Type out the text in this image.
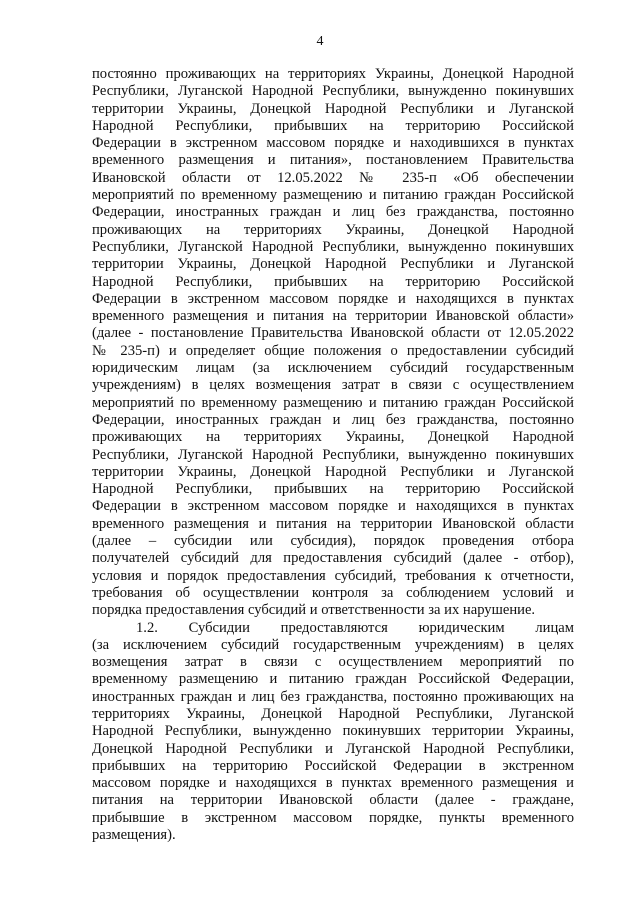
4
постоянно проживающих на территориях Украины, Донецкой Народной
Республики, Луганской Народной Республики, вынужденно покинувших
территории Украины, Донецкой Народной Республики и Луганской
Народной Республики, прибывших на территорию Российской
Федерации в экстренном массовом порядке и находившихся в пунктах
временного размещения и питания», постановлением Правительства
Ивановской области от 12.05.2022 № 235-п «Об обеспечении
мероприятий по временному размещению и питанию граждан Российской
Федерации, иностранных граждан и лиц без гражданства, постоянно
проживающих на территориях Украины, Донецкой Народной
Республики, Луганской Народной Республики, вынужденно покинувших
территории Украины, Донецкой Народной Республики и Луганской
Народной Республики, прибывших на территорию Российской
Федерации в экстренном массовом порядке и находящихся в пунктах
временного размещения и питания на территории Ивановской области»
(далее - постановление Правительства Ивановской области от 12.05.2022
№ 235-п) и определяет общие положения о предоставлении субсидий
юридическим лицам (за исключением субсидий государственным
учреждениям) в целях возмещения затрат в связи с осуществлением
мероприятий по временному размещению и питанию граждан Российской
Федерации, иностранных граждан и лиц без гражданства, постоянно
проживающих на территориях Украины, Донецкой Народной
Республики, Луганской Народной Республики, вынужденно покинувших
территории Украины, Донецкой Народной Республики и Луганской
Народной Республики, прибывших на территорию Российской
Федерации в экстренном массовом порядке и находящихся в пунктах
временного размещения и питания на территории Ивановской области
(далее – субсидии или субсидия), порядок проведения отбора
получателей субсидий для предоставления субсидий (далее - отбор),
условия и порядок предоставления субсидий, требования к отчетности,
требования об осуществлении контроля за соблюдением условий и
порядка предоставления субсидий и ответственности за их нарушение.
1.2. Субсидии предоставляются юридическим лицам
(за исключением субсидий государственным учреждениям) в целях
возмещения затрат в связи с осуществлением мероприятий по
временному размещению и питанию граждан Российской Федерации,
иностранных граждан и лиц без гражданства, постоянно проживающих на
территориях Украины, Донецкой Народной Республики, Луганской
Народной Республики, вынужденно покинувших территории Украины,
Донецкой Народной Республики и Луганской Народной Республики,
прибывших на территорию Российской Федерации в экстренном
массовом порядке и находящихся в пунктах временного размещения и
питания на территории Ивановской области (далее - граждане,
прибывшие в экстренном массовом порядке, пункты временного
размещения).
